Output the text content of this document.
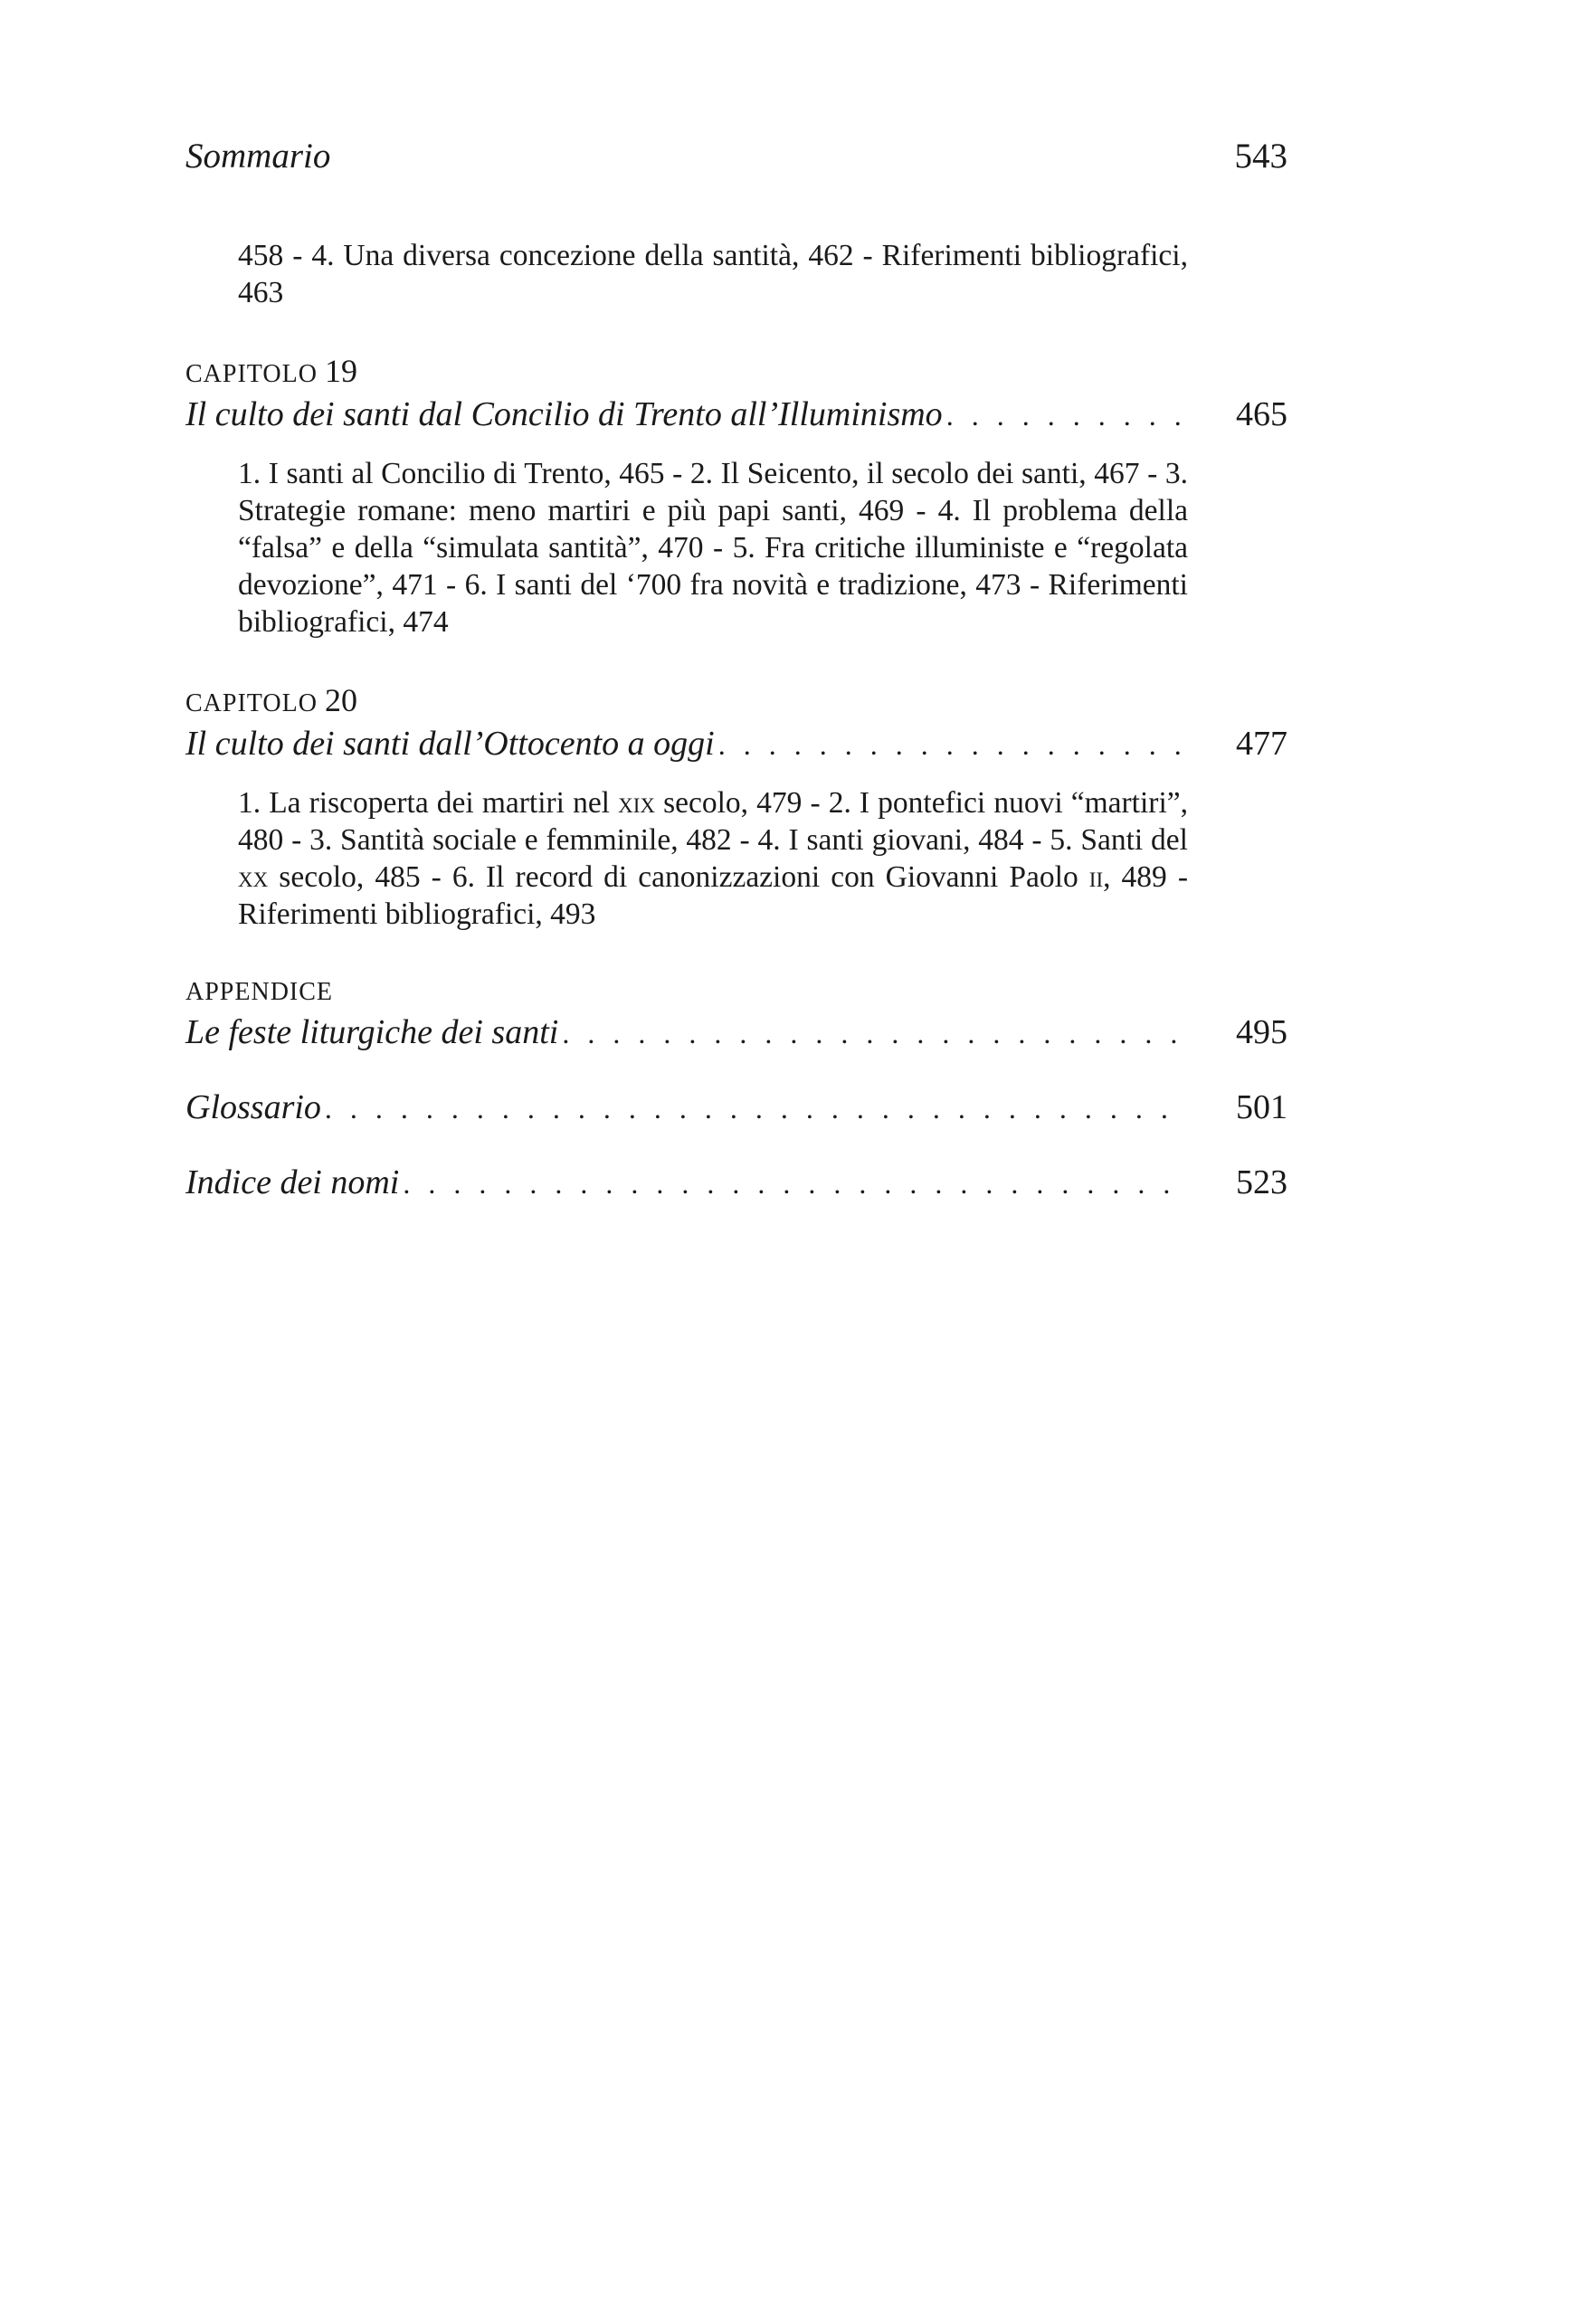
Sommario	543
458 - 4. Una diversa concezione della santità, 462 - Riferimenti bibliografici, 463
CAPITOLO 19
Il culto dei santi dal Concilio di Trento all’Illuminismo . . .	465
1. I santi al Concilio di Trento, 465 - 2. Il Seicento, il secolo dei santi, 467 - 3. Strategie romane: meno martiri e più papi santi, 469 - 4. Il problema della “falsa” e della “simulata santità”, 470 - 5. Fra critiche illuministe e “regolata devozione”, 471 - 6. I santi del ‘700 fra novità e tradizione, 473 - Riferimenti bibliografici, 474
CAPITOLO 20
Il culto dei santi dall’Ottocento a oggi . . .	477
1. La riscoperta dei martiri nel xix secolo, 479 - 2. I pontefici nuovi “martiri”, 480 - 3. Santità sociale e femminile, 482 - 4. I santi giovani, 484 - 5. Santi del xx secolo, 485 - 6. Il record di canonizzazioni con Giovanni Paolo ii, 489 - Riferimenti bibliografici, 493
APPENDICE
Le feste liturgiche dei santi . . .	495
Glossario . . .	501
Indice dei nomi . . .	523
